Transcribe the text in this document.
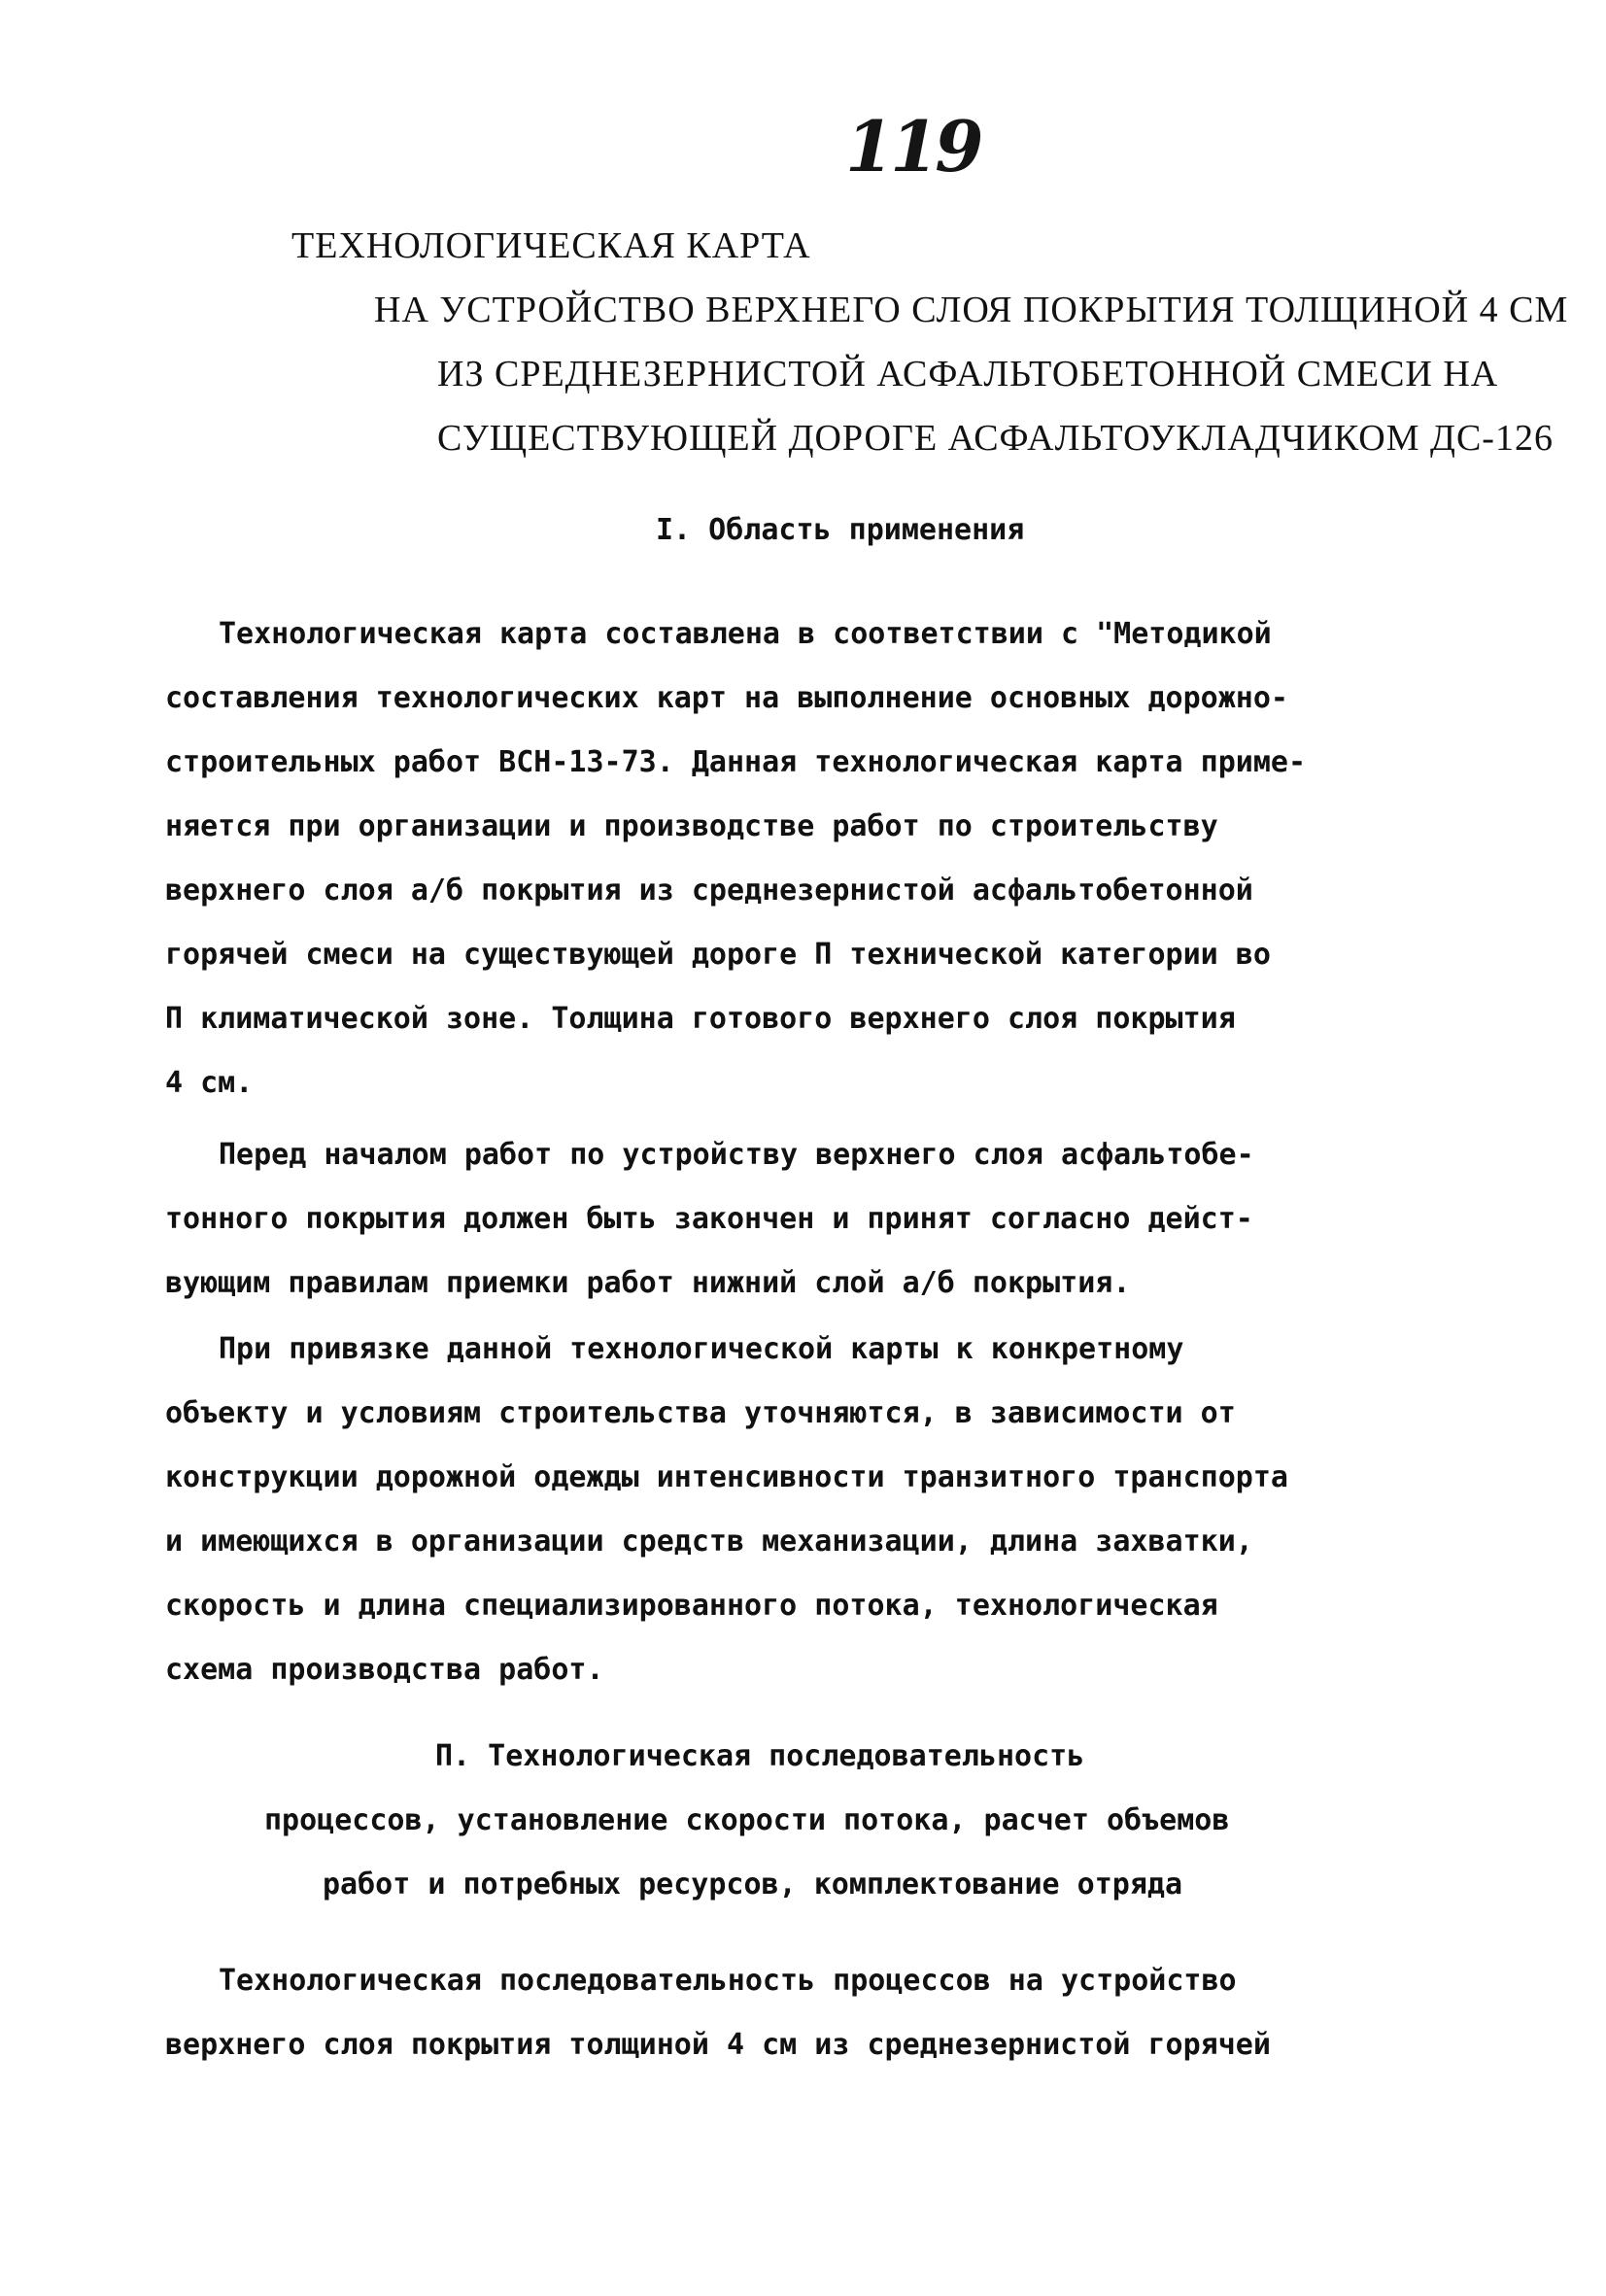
119
ТЕХНОЛОГИЧЕСКАЯ КАРТА
НА УСТРОЙСТВО ВЕРХНЕГО СЛОЯ ПОКРЫТИЯ ТОЛЩИНОЙ 4 СМ
ИЗ СРЕДНЕЗЕРНИСТОЙ АСФАЛЬТОБЕТОННОЙ СМЕСИ НА
СУЩЕСТВУЮЩЕЙ ДОРОГЕ АСФАЛЬТОУКЛАДЧИКОМ ДС-126
I. Область применения
Технологическая карта составлена в соответствии с "Методикой
составления технологических карт на выполнение основных дорожно-
строительных работ ВСН-13-73. Данная технологическая карта приме-
няется при организации и производстве работ по строительству
верхнего слоя а/б покрытия из среднезернистой асфальтобетонной
горячей смеси на существующей дороге П технической категории во
П климатической зоне. Толщина готового верхнего слоя покрытия
4 см.
Перед началом работ по устройству верхнего слоя асфальтобе-
тонного покрытия должен быть закончен и принят согласно дейст-
вующим правилам приемки работ нижний слой а/б покрытия.
При привязке данной технологической карты к конкретному
объекту и условиям строительства уточняются, в зависимости от
конструкции дорожной одежды интенсивности транзитного транспорта
и имеющихся в организации средств механизации, длина захватки,
скорость и длина специализированного потока, технологическая
схема производства работ.
П. Технологическая последовательность
процессов, установление скорости потока, расчет объемов
работ и потребных ресурсов, комплектование отряда
Технологическая последовательность процессов на устройство
верхнего слоя покрытия толщиной 4 см из среднезернистой горячей
